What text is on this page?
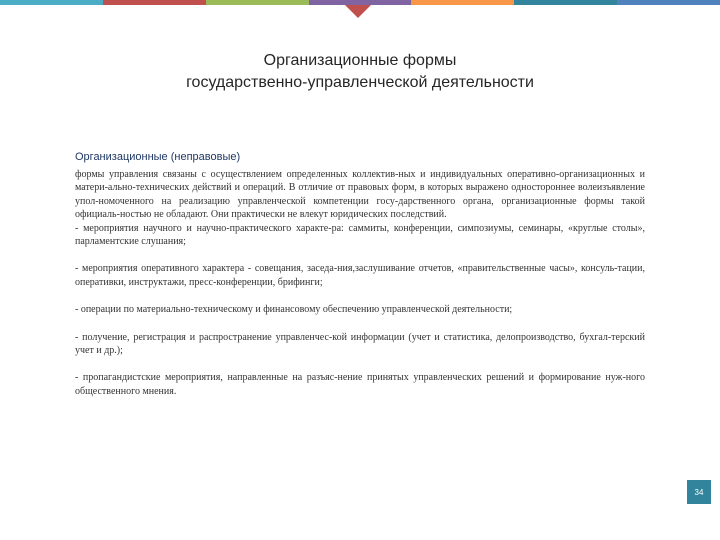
Организационные формы
государственно-управленческой деятельности
Организационные (неправовые)

формы управления связаны с осуществлением определенных коллектив-ных и индивидуальных оперативно-организационных и матери-ально-технических действий и операций. В отличие от правовых форм, в которых выражено одностороннее волеизъявление упол-номоченного на реализацию управленческой компетенции госу-дарственного органа, организационные формы такой официаль-ностью не обладают. Они практически не влекут юридических последствий.

- мероприятия научного и научно-практического характе-ра: саммиты, конференции, симпозиумы, семинары, «круглые столы», парламентские слушания;

- мероприятия оперативного характера - совещания, заседа-ния,заслушивание отчетов, «правительственные часы», консуль-тации, оперативки, инструктажи, пресс-конференции, брифинги;

- операции по материально-техническому и финансовому обеспечению управленческой деятельности;

- получение, регистрация и распространение управленчес-кой информации (учет и статистика, делопроизводство, бухгал-терский учет и др.);

- пропагандистские мероприятия, направленные на разъяс-нение принятых управленческих решений и формирование нуж-ного общественного мнения.

34
